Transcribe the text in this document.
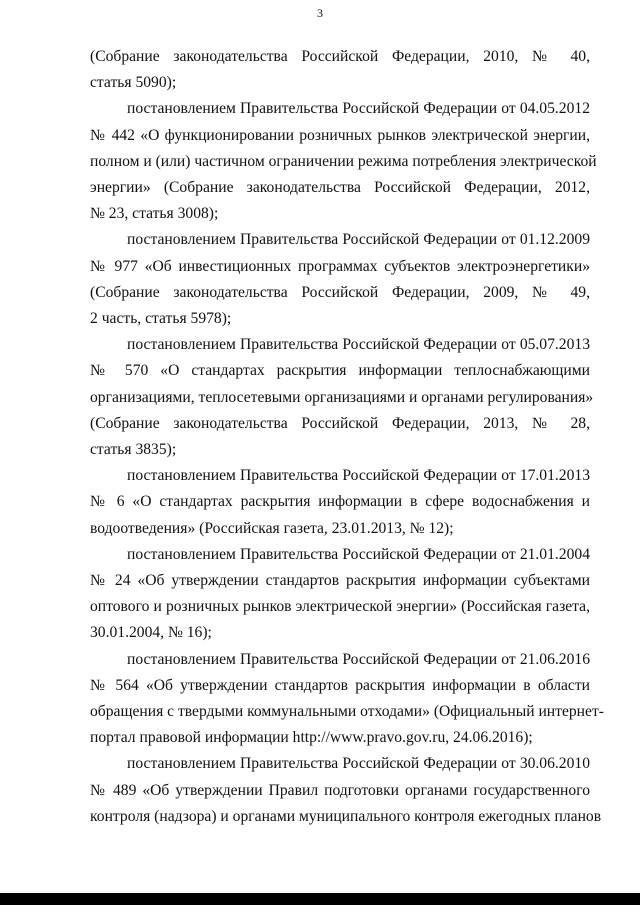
3

(Собрание законодательства Российской Федерации, 2010, № 40,
статья 5090);

постановлением Правительства Российской Федерации от 04.05.2012
№ 442 «О функционировании розничных рынков электрической энергии,
полном и (или) частичном ограничении режима потребления электрической
энергии» (Собрание законодательства Российской Федерации, 2012,
№ 23, статья 3008);

постановлением Правительства Российской Федерации от 01.12.2009
№ 977 «Об инвестиционных программах субъектов электроэнергетики»
(Собрание законодательства Российской Федерации, 2009, № 49,
2 часть, статья 5978);

постановлением Правительства Российской Федерации от 05.07.2013
№ 570 «О стандартах раскрытия информации теплоснабжающими
организациями, теплосетевыми организациями и органами регулирования»
(Собрание законодательства Российской Федерации, 2013, № 28,
статья 3835);

постановлением Правительства Российской Федерации от 17.01.2013
№ 6 «О стандартах раскрытия информации в сфере водоснабжения и
водоотведения» (Российская газета, 23.01.2013, № 12);

постановлением Правительства Российской Федерации от 21.01.2004
№ 24 «Об утверждении стандартов раскрытия информации субъектами
оптового и розничных рынков электрической энергии» (Российская газета,
30.01.2004, № 16);

постановлением Правительства Российской Федерации от 21.06.2016
№ 564 «Об утверждении стандартов раскрытия информации в области
обращения с твердыми коммунальными отходами» (Официальный интернет-
портал правовой информации http://www.pravo.gov.ru, 24.06.2016);

постановлением Правительства Российской Федерации от 30.06.2010
№ 489 «Об утверждении Правил подготовки органами государственного
контроля (надзора) и органами муниципального контроля ежегодных планов
